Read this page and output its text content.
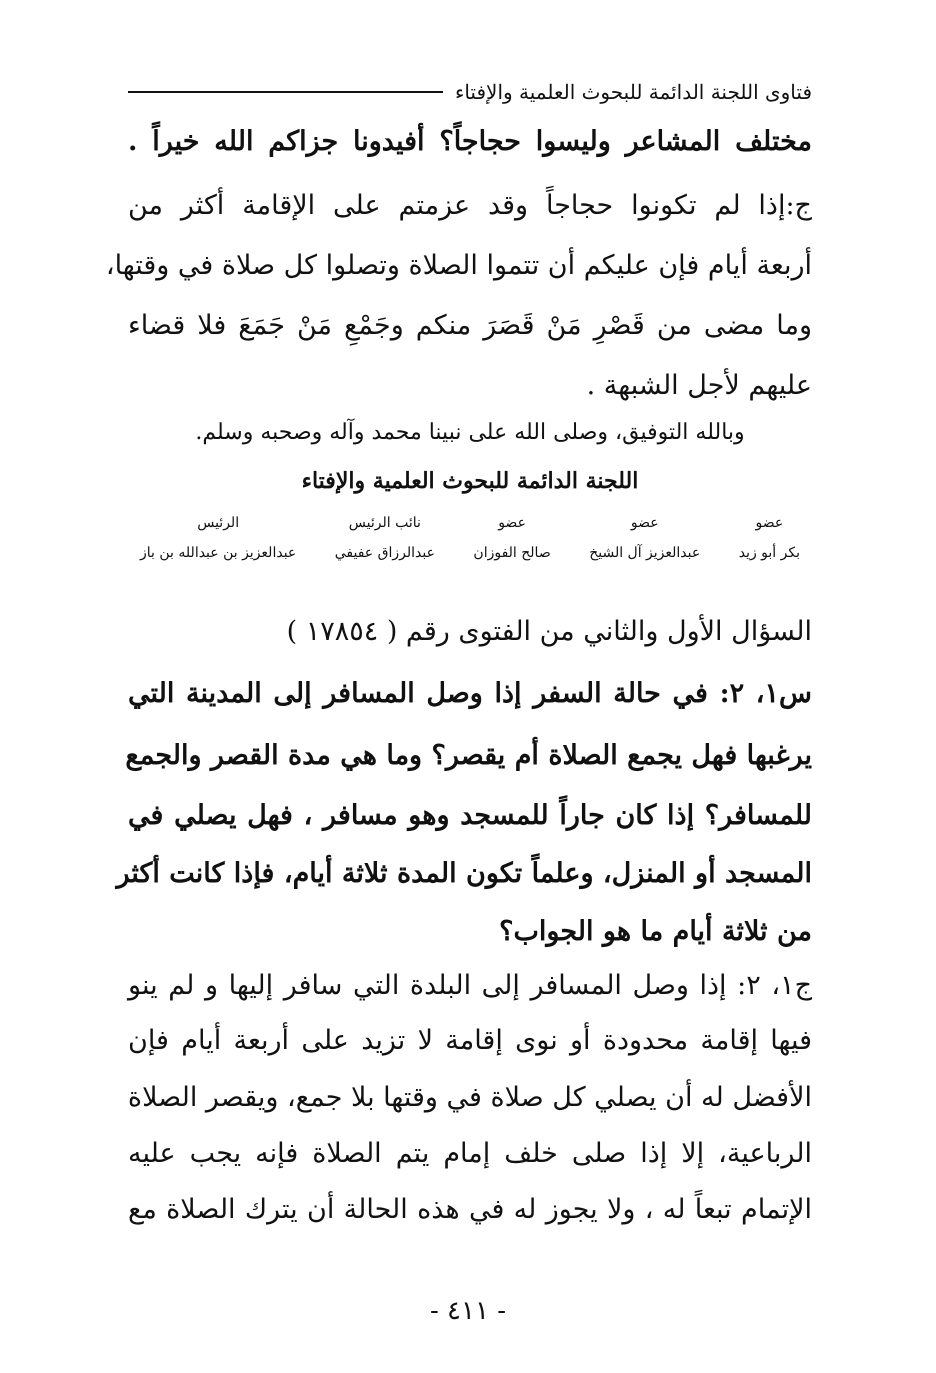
فتاوى اللجنة الدائمة للبحوث العلمية والإفتاء
مختلف المشاعر وليسوا حجاجاً؟ أفيدونا جزاكم الله خيراً .
ج:إذا لم تكونوا حجاجاً وقد عزمتم على الإقامة أكثر من
أربعة أيام فإن عليكم أن تتموا الصلاة وتصلوا كل صلاة في وقتها،
وما مضى من قَصْرِ مَنْ قَصَرَ منكم وجَمْعِ مَنْ جَمَعَ فلا قضاء
عليهم لأجل الشبهة .
وبالله التوفيق، وصلى الله على نبينا محمد وآله وصحبه وسلم.
اللجنة الدائمة للبحوث العلمية والإفتاء
عضو
بكر أبو زيد
عضو
عبدالعزيز آل الشيخ
عضو
صالح الفوزان
نائب الرئيس
عبدالرزاق عفيفي
الرئيس
عبدالعزيز بن عبدالله بن باز
السؤال الأول والثاني من الفتوى رقم ( ١٧٨٥٤ )
س١، ٢: في حالة السفر إذا وصل المسافر إلى المدينة التي
يرغبها فهل يجمع الصلاة أم يقصر؟ وما هي مدة القصر والجمع
للمسافر؟ إذا كان جاراً للمسجد وهو مسافر ، فهل يصلي في
المسجد أو المنزل، وعلماً تكون المدة ثلاثة أيام، فإذا كانت أكثر
من ثلاثة أيام ما هو الجواب؟
ج١، ٢: إذا وصل المسافر إلى البلدة التي سافر إليها و لم ينو
فيها إقامة محدودة أو نوى إقامة لا تزيد على أربعة أيام فإن
الأفضل له أن يصلي كل صلاة في وقتها بلا جمع، ويقصر الصلاة
الرباعية، إلا إذا صلى خلف إمام يتم الصلاة فإنه يجب عليه
الإتمام تبعاً له ، ولا يجوز له في هذه الحالة أن يترك الصلاة مع
- ٤١١ -
